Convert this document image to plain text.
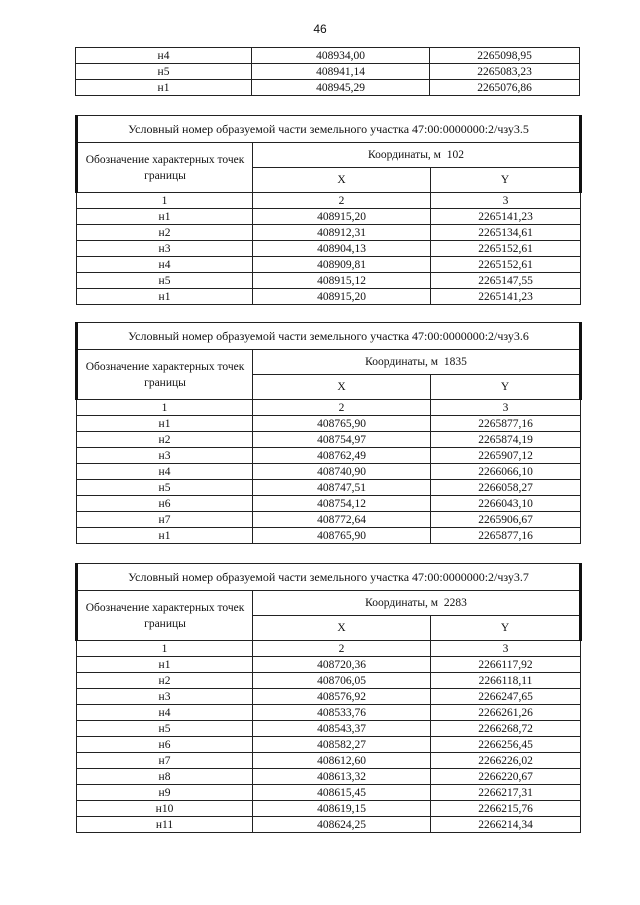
46
н4	408934,00	2265098,95
н5	408941,14	2265083,23
н1	408945,29	2265076,86
Условный номер образуемой части земельного участка 47:00:0000000:2/чзу3.5		
Обозначение характерных точек границы	Координаты, м 102	
	X	Y
1	2	3
н1	408915,20	2265141,23
н2	408912,31	2265134,61
н3	408904,13	2265152,61
н4	408909,81	2265152,61
н5	408915,12	2265147,55
н1	408915,20	2265141,23
Условный номер образуемой части земельного участка 47:00:0000000:2/чзу3.6		
Обозначение характерных точек границы	Координаты, м 1835	
	X	Y
1	2	3
н1	408765,90	2265877,16
н2	408754,97	2265874,19
н3	408762,49	2265907,12
н4	408740,90	2266066,10
н5	408747,51	2266058,27
н6	408754,12	2266043,10
н7	408772,64	2265906,67
н1	408765,90	2265877,16
Условный номер образуемой части земельного участка 47:00:0000000:2/чзу3.7		
Обозначение характерных точек границы	Координаты, м 2283	
	X	Y
1	2	3
н1	408720,36	2266117,92
н2	408706,05	2266118,11
н3	408576,92	2266247,65
н4	408533,76	2266261,26
н5	408543,37	2266268,72
н6	408582,27	2266256,45
н7	408612,60	2266226,02
н8	408613,32	2266220,67
н9	408615,45	2266217,31
н10	408619,15	2266215,76
н11	408624,25	2266214,34
